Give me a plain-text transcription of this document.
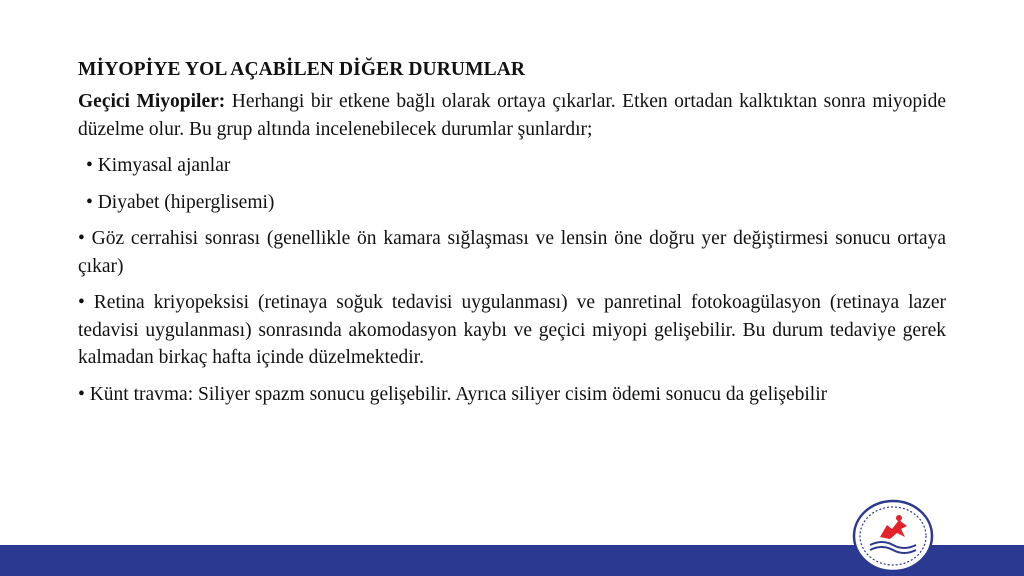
MİYOPİYE YOL AÇABİLEN DİĞER DURUMLAR

Geçici Miyopiler: Herhangi bir etkene bağlı olarak ortaya çıkarlar. Etken ortadan kalktıktan sonra miyopide düzelme olur. Bu grup altında incelenebilecek durumlar şunlardır;

• Kimyasal ajanlar

• Diyabet (hiperglisemi)

• Göz cerrahisi sonrası (genellikle ön kamara sığlaşması ve lensin öne doğru yer değiştirmesi sonucu ortaya çıkar)

• Retina kriyopeksisi (retinaya soğuk tedavisi uygulanması) ve panretinal fotokoagülasyon (retinaya lazer tedavisi uygulanması) sonrasında akomodasyon kaybı ve geçici miyopi gelişebilir. Bu durum tedaviye gerek kalmadan birkaç hafta içinde düzelmektedir.

• Künt travma: Siliyer spazm sonucu gelişebilir. Ayrıca siliyer cisim ödemi sonucu da gelişebilir
